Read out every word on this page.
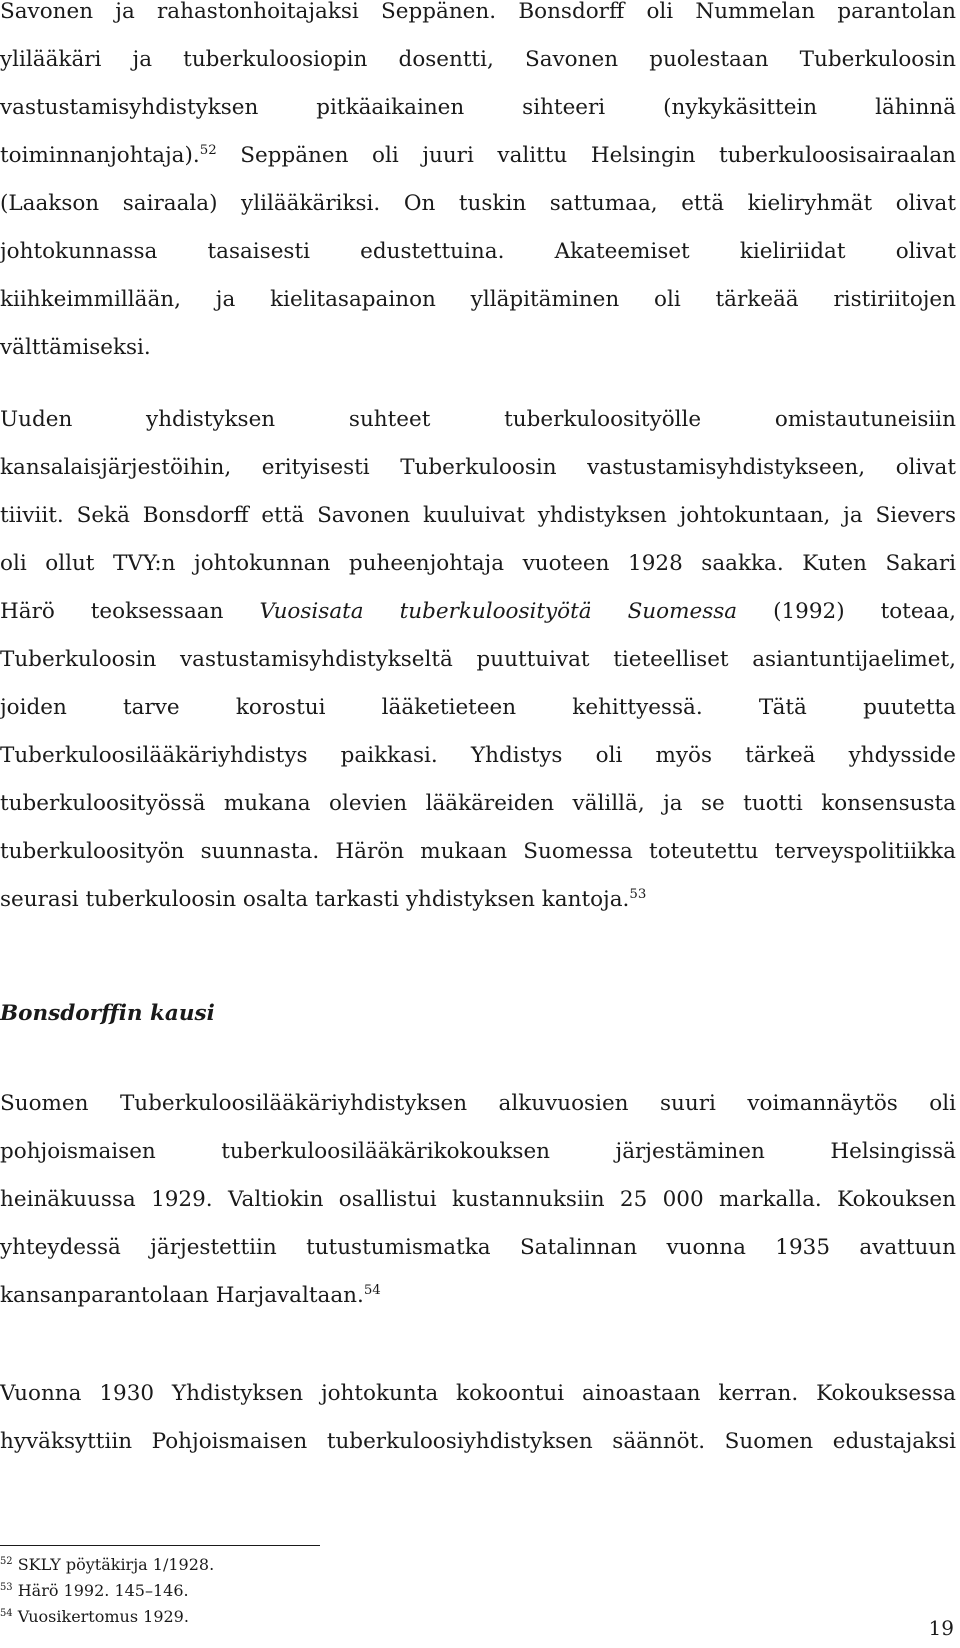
Savonen ja rahastonhoitajaksi Seppänen. Bonsdorff oli Nummelan parantolan
ylilääkäri ja tuberkuloosiopin dosentti, Savonen puolestaan Tuberkuloosin
vastustamisyhdistyksen pitkäaikainen sihteeri (nykykäsittein lähinnä
toiminnanjohtaja).$^{52}$ Seppänen oli juuri valittu Helsingin tuberkuloosisairaalan
(Laakson sairaala) ylilääkäriksi. On tuskin sattumaa, että kieliryhmät olivat
johtokunnassa tasaisesti edustettuina. Akateemiset kieliriidat olivat
kiihkeimmillään, ja kielitasapainon ylläpitäminen oli tärkeää ristiriitojen
välttämiseksi.
Uuden yhdistyksen suhteet tuberkuloosityölle omistautuneisiin
kansalaisjärjestöihin, erityisesti Tuberkuloosin vastustamisyhdistykseen, olivat
tiiviit. Sekä Bonsdorff että Savonen kuuluivat yhdistyksen johtokuntaan, ja Sievers
oli ollut TVY:n johtokunnan puheenjohtaja vuoteen 1928 saakka. Kuten Sakari
Härö teoksessaan Vuosisata tuberkuloosityötä Suomessa (1992) toteaa,
Tuberkuloosin vastustamisyhdistykseltä puuttuivat tieteelliset asiantuntijaelimet,
joiden tarve korostui lääketieteen kehittyessä. Tätä puutetta
Tuberkuloosilääkäriyhdistys paikkasi. Yhdistys oli myös tärkeä yhdysside
tuberkuloosityössä mukana olevien lääkäreiden välillä, ja se tuotti konsensusta
tuberkuloosityön suunnasta. Härön mukaan Suomessa toteutettu terveyspolitiikka
seurasi tuberkuloosin osalta tarkasti yhdistyksen kantoja.$^{53}$
Bonsdorffin kausi
Suomen Tuberkuloosilääkäriyhdistyksen alkuvuosien suuri voimannäytös oli
pohjoismaisen tuberkuloosilääkärikokouksen järjestäminen Helsingissä
heinäkuussa 1929. Valtiokin osallistui kustannuksiin 25 000 markalla. Kokouksen
yhteydessä järjestettiin tutustumismatka Satalinnan vuonna 1935 avattuun
kansanparantolaan Harjavaltaan.$^{54}$
Vuonna 1930 Yhdistyksen johtokunta kokoontui ainoastaan kerran. Kokouksessa
hyväksyttiin Pohjoismaisen tuberkuloosiyhdistyksen säännöt. Suomen edustajaksi
$^{52}$ SKLY pöytäkirja 1/1928.
$^{53}$ Härö 1992. 145–146.
$^{54}$ Vuosikertomus 1929.	19
